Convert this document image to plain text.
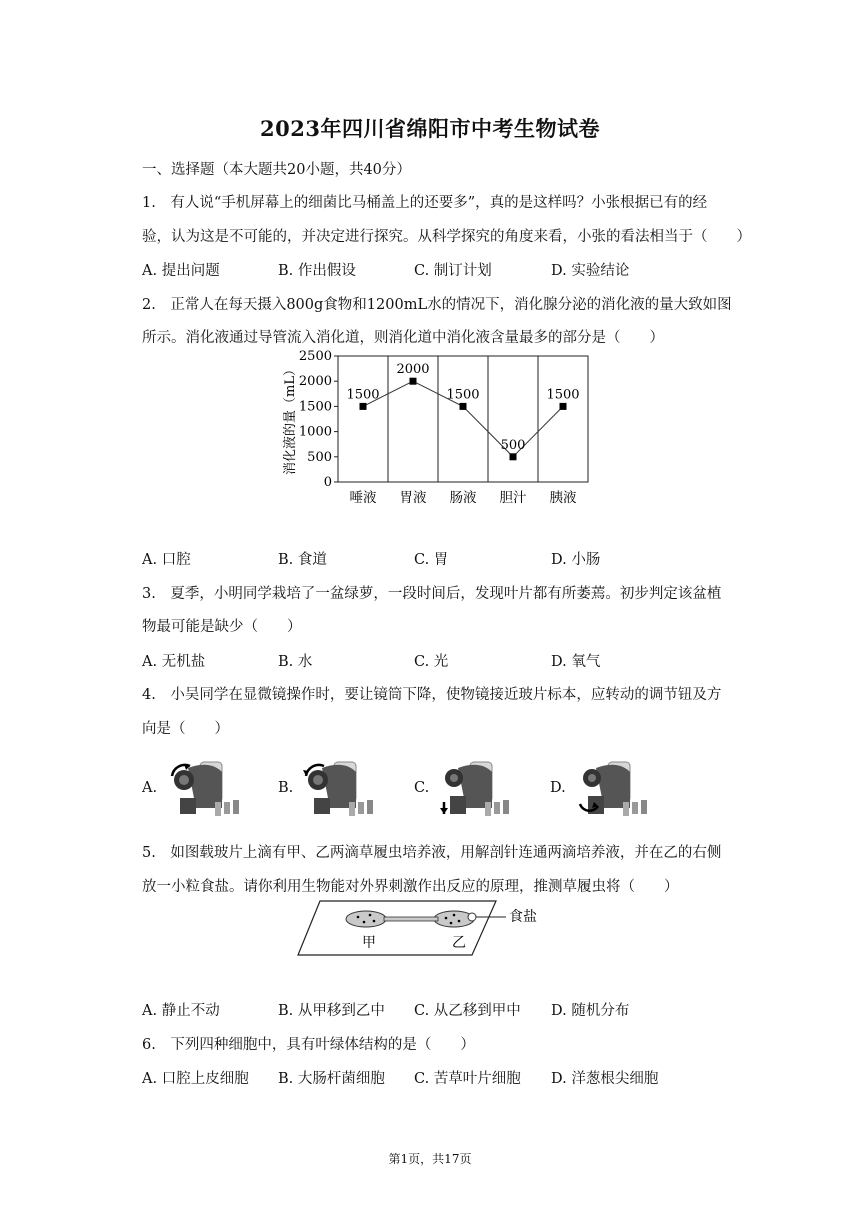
2023年四川省绵阳市中考生物试卷
一、选择题（本大题共20小题，共40分）
1.　有人说“手机屏幕上的细菌比马桶盖上的还要多”，真的是这样吗？小张根据已有的经
验，认为这是不可能的，并决定进行探究。从科学探究的角度来看，小张的看法相当于（　　）
A. 提出问题	B. 作出假设	C. 制订计划	D. 实验结论
2.　正常人在每天摄入800g食物和1200mL水的情况下，消化腺分泌的消化液的量大致如图
所示。消化液通过导管流入消化道，则消化道中消化液含量最多的部分是（　　）
0
500
1000
1500
2000
2500
唾液 胃液 肠液 胆汁 胰液
1500
2000
1500
500
1500
消化液的量（mL）
A. 口腔	B. 食道	C. 胃	D. 小肠
3.　夏季，小明同学栽培了一盆绿萝，一段时间后，发现叶片都有所萎蔫。初步判定该盆植
物最可能是缺少（　　）
A. 无机盐	B. 水	C. 光	D. 氧气
4.　小吴同学在显微镜操作时，要让镜筒下降，使物镜接近玻片标本，应转动的调节钮及方
向是（　　）
A.	B.	C.	D.
5.　如图载玻片上滴有甲、乙两滴草履虫培养液，用解剖针连通两滴培养液，并在乙的右侧
放一小粒食盐。请你利用生物能对外界刺激作出反应的原理，推测草履虫将（　　）
食盐
甲	乙
A. 静止不动	B. 从甲移到乙中 C. 从乙移到甲中 D. 随机分布
6.　下列四种细胞中，具有叶绿体结构的是（　　）
A. 口腔上皮细胞 B. 大肠杆菌细胞 C. 苦草叶片细胞 D. 洋葱根尖细胞
第1页，共17页
